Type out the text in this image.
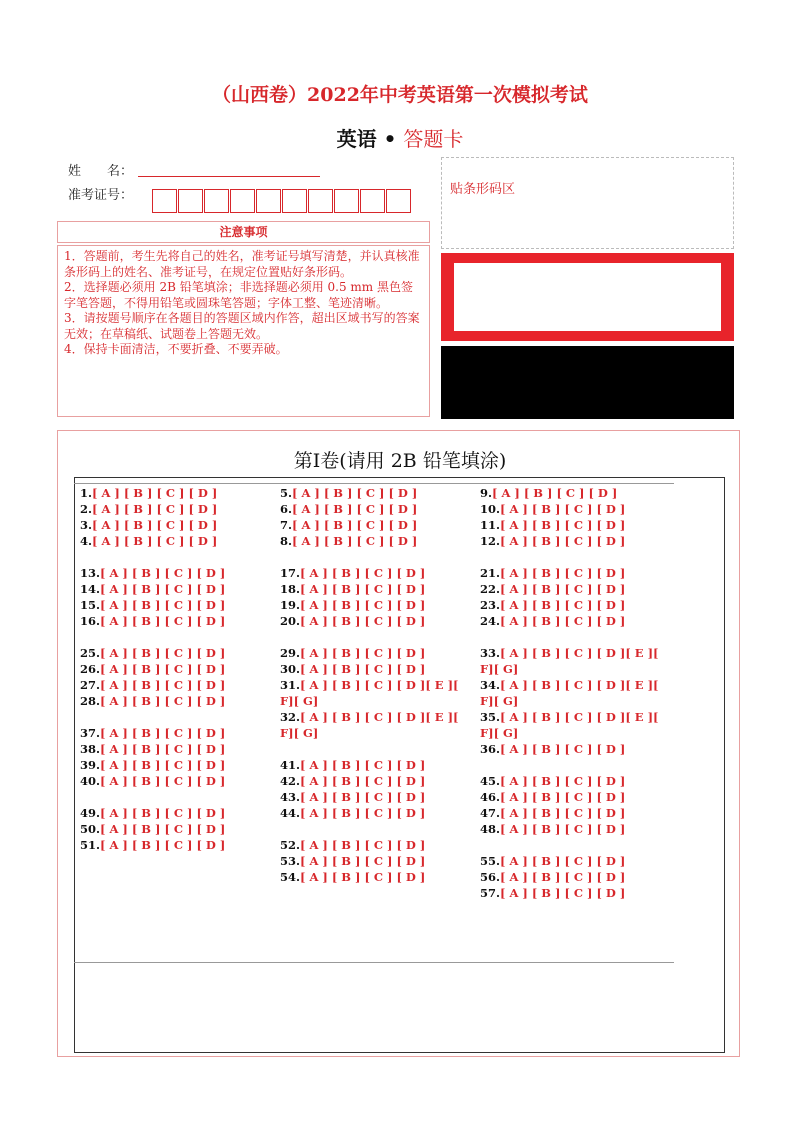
（山西卷）2022年中考英语第一次模拟考试
英语 • 答题卡
姓　　名：
准考证号：	贴条形码区
注意事项

1．答题前，考生先将自己的姓名，准考证号填写清楚，并认真核准条形码上的姓名、准考证号，在规定位置贴好条形码。

2．选择题必须用 2B 铅笔填涂；非选择题必须用 0.5 mm 黑色签字笔答题，不得用铅笔或圆珠笔答题；字体工整、笔迹清晰。

3．请按题号顺序在各题目的答题区域内作答，超出区域书写的答案无效；在草稿纸、试题卷上答题无效。

4．保持卡面清洁，不要折叠、不要弄破。

第Ⅰ卷(请用 2B 铅笔填涂)
1.[ A ] [ B ] [ C ] [ D ]
2.[ A ] [ B ] [ C ] [ D ]
3.[ A ] [ B ] [ C ] [ D ]
4.[ A ] [ B ] [ C ] [ D ]
13.[ A ] [ B ] [ C ] [ D ]
14.[ A ] [ B ] [ C ] [ D ]
15.[ A ] [ B ] [ C ] [ D ]
16.[ A ] [ B ] [ C ] [ D ]
25.[ A ] [ B ] [ C ] [ D ]
26.[ A ] [ B ] [ C ] [ D ]
27.[ A ] [ B ] [ C ] [ D ]
28.[ A ] [ B ] [ C ] [ D ]
37.[ A ] [ B ] [ C ] [ D ]
38.[ A ] [ B ] [ C ] [ D ]
39.[ A ] [ B ] [ C ] [ D ]
40.[ A ] [ B ] [ C ] [ D ]
49.[ A ] [ B ] [ C ] [ D ]
50.[ A ] [ B ] [ C ] [ D ]
51.[ A ] [ B ] [ C ] [ D ]
5.[ A ] [ B ] [ C ] [ D ]
6.[ A ] [ B ] [ C ] [ D ]
7.[ A ] [ B ] [ C ] [ D ]
8.[ A ] [ B ] [ C ] [ D ]
17.[ A ] [ B ] [ C ] [ D ]
18.[ A ] [ B ] [ C ] [ D ]
19.[ A ] [ B ] [ C ] [ D ]
20.[ A ] [ B ] [ C ] [ D ]
29.[ A ] [ B ] [ C ] [ D ]
30.[ A ] [ B ] [ C ] [ D ]
31.[ A ] [ B ] [ C ] [ D ][ E ][ F][ G]
32.[ A ] [ B ] [ C ] [ D ][ E ][ F][ G]
41.[ A ] [ B ] [ C ] [ D ]
42.[ A ] [ B ] [ C ] [ D ]
43.[ A ] [ B ] [ C ] [ D ]
44.[ A ] [ B ] [ C ] [ D ]
52.[ A ] [ B ] [ C ] [ D ]
53.[ A ] [ B ] [ C ] [ D ]
54.[ A ] [ B ] [ C ] [ D ]
9.[ A ] [ B ] [ C ] [ D ]
10.[ A ] [ B ] [ C ] [ D ]
11.[ A ] [ B ] [ C ] [ D ]
12.[ A ] [ B ] [ C ] [ D ]
21.[ A ] [ B ] [ C ] [ D ]
22.[ A ] [ B ] [ C ] [ D ]
23.[ A ] [ B ] [ C ] [ D ]
24.[ A ] [ B ] [ C ] [ D ]
33.[ A ] [ B ] [ C ] [ D ][ E ][ F][ G]
34.[ A ] [ B ] [ C ] [ D ][ E ][ F][ G]
35.[ A ] [ B ] [ C ] [ D ][ E ][ F][ G]
36.[ A ] [ B ] [ C ] [ D ]
45.[ A ] [ B ] [ C ] [ D ]
46.[ A ] [ B ] [ C ] [ D ]
47.[ A ] [ B ] [ C ] [ D ]
48.[ A ] [ B ] [ C ] [ D ]
55.[ A ] [ B ] [ C ] [ D ]
56.[ A ] [ B ] [ C ] [ D ]
57.[ A ] [ B ] [ C ] [ D ]
